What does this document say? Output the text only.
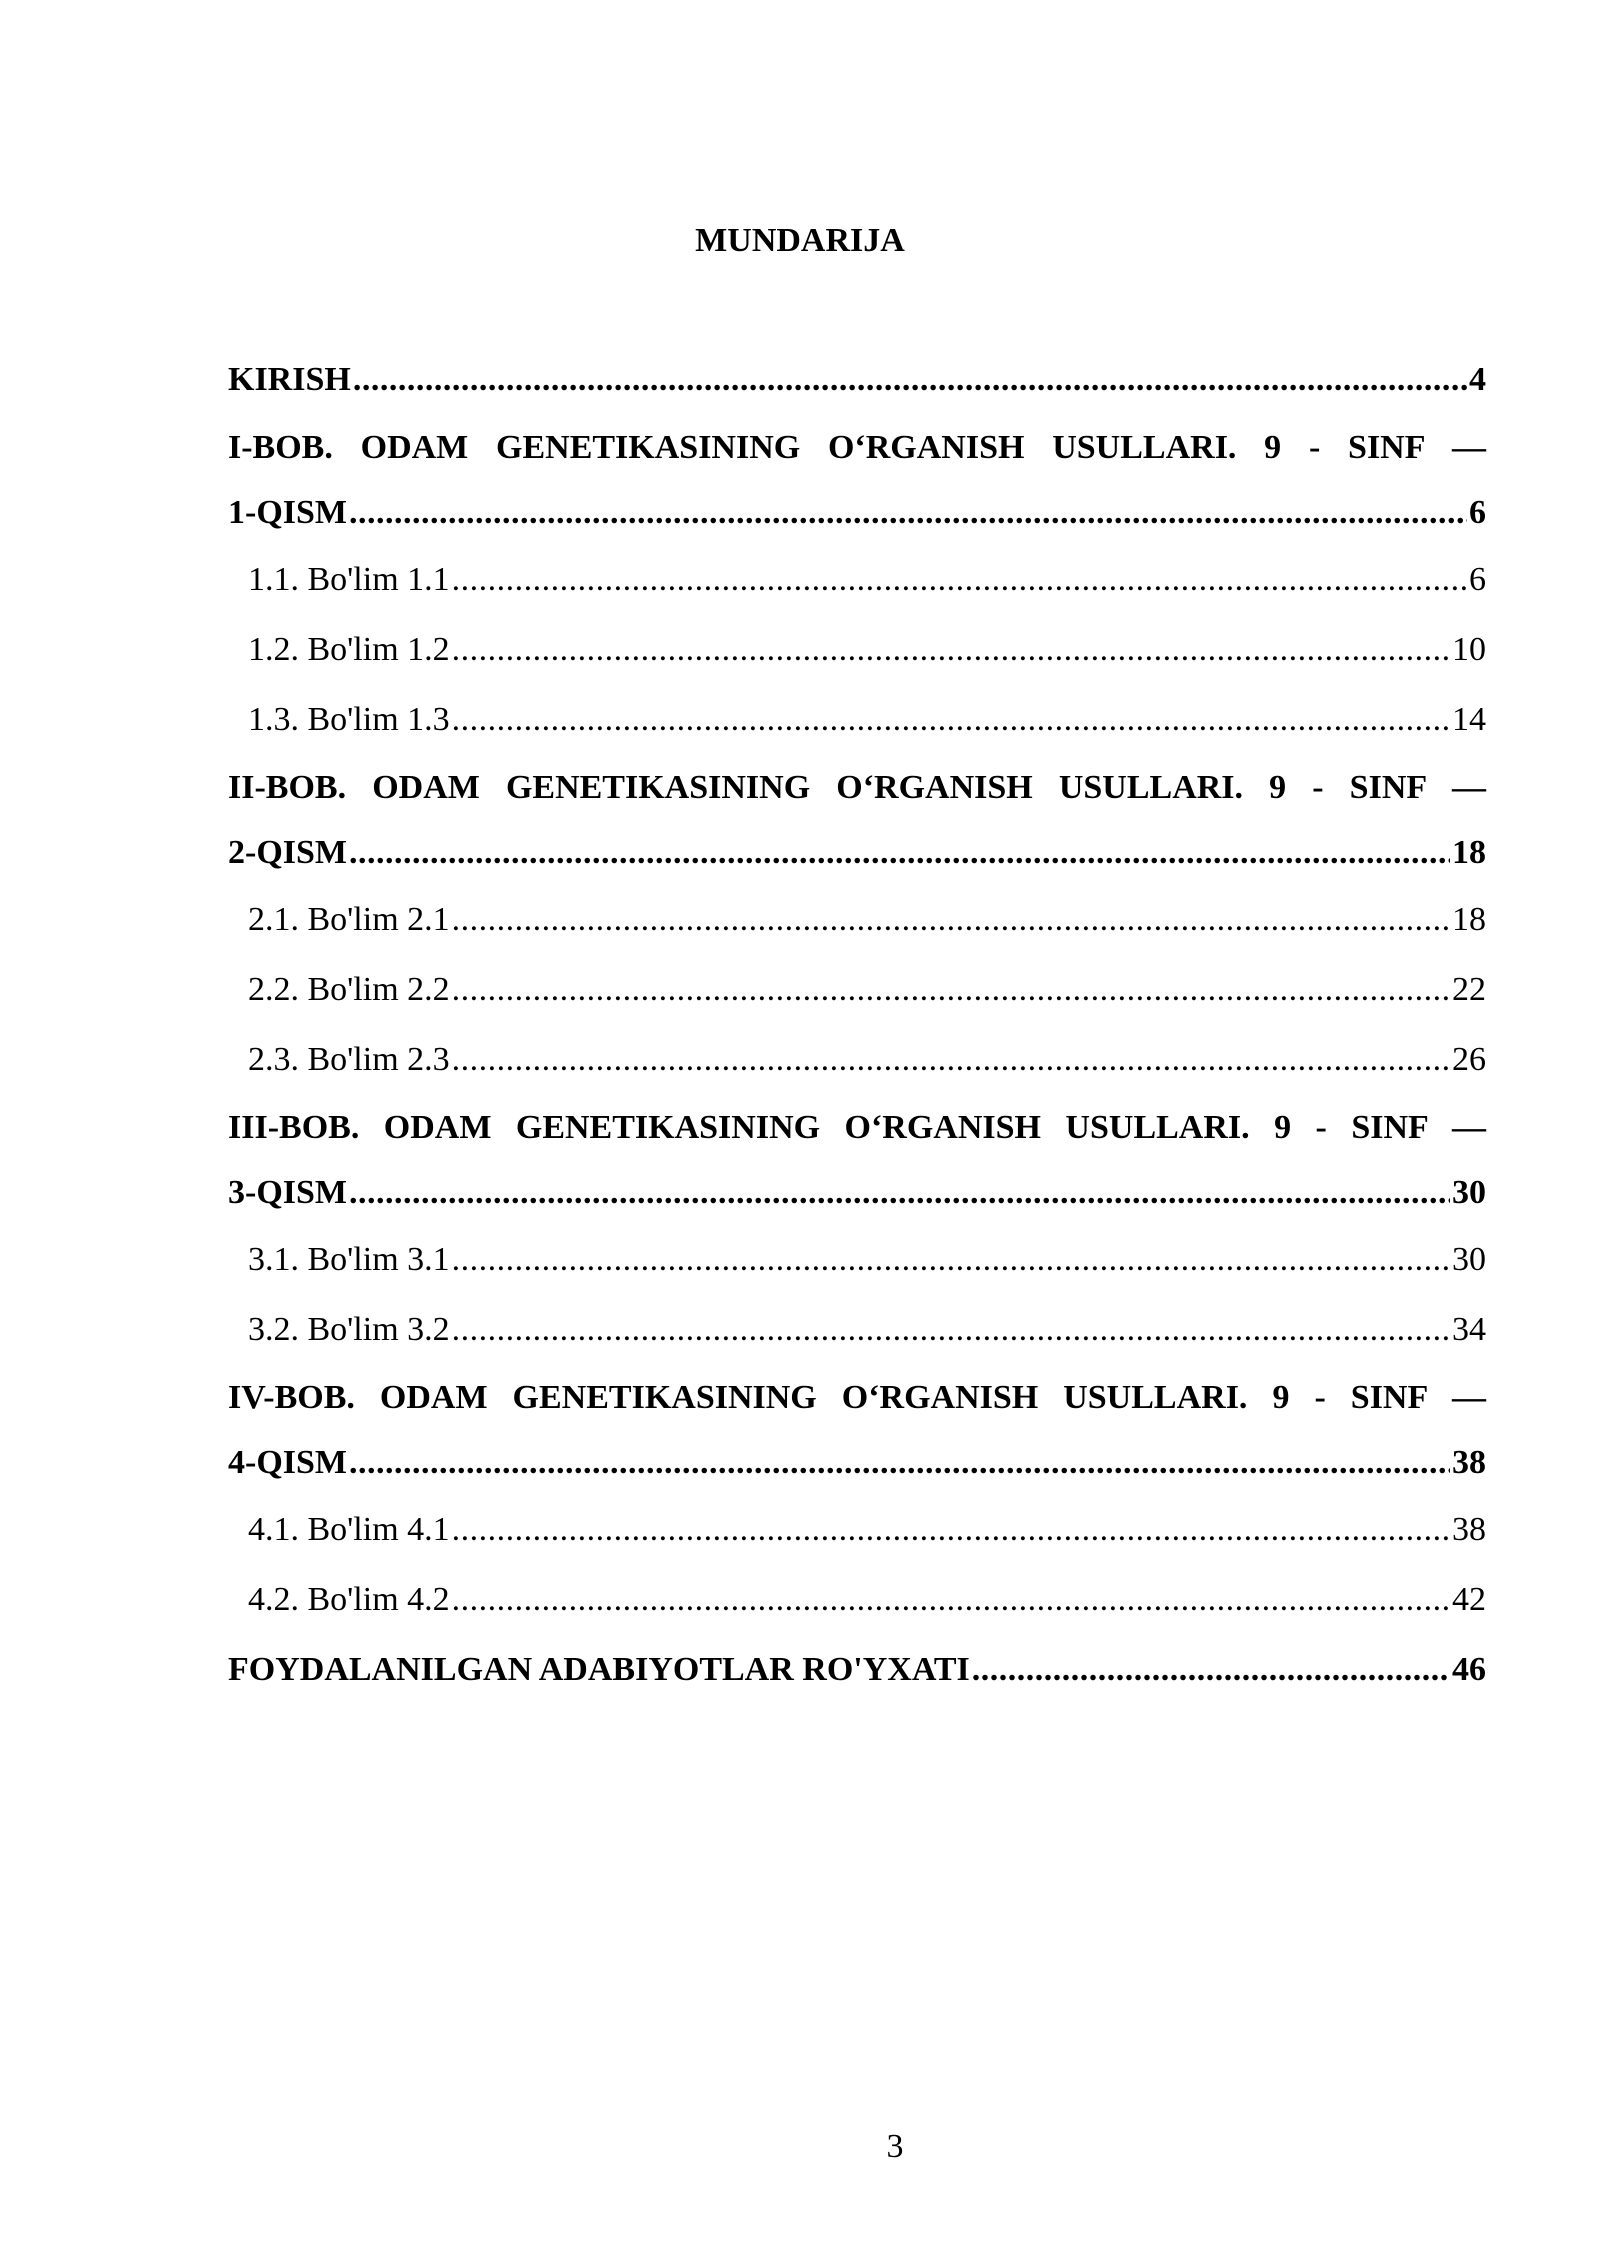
MUNDARIJA
KIRISH .....	4
I-BOB. ODAM GENETIKASINING O‘RGANISH USULLARI. 9 - SINF —
1-QISM .....	6
1.1. Bo'lim 1.1 .....	6
1.2. Bo'lim 1.2 .....	10
1.3. Bo'lim 1.3 .....	14
II-BOB. ODAM GENETIKASINING O‘RGANISH USULLARI. 9 - SINF —
2-QISM .....	18
2.1. Bo'lim 2.1 .....	18
2.2. Bo'lim 2.2 .....	22
2.3. Bo'lim 2.3 .....	26
III-BOB. ODAM GENETIKASINING O‘RGANISH USULLARI. 9 - SINF —
3-QISM .....	30
3.1. Bo'lim 3.1 .....	30
3.2. Bo'lim 3.2 .....	34
IV-BOB. ODAM GENETIKASINING O‘RGANISH USULLARI. 9 - SINF —
4-QISM .....	38
4.1. Bo'lim 4.1 .....	38
4.2. Bo'lim 4.2 .....	42
FOYDALANILGAN ADABIYOTLAR RO'YXATI .....	46
3
